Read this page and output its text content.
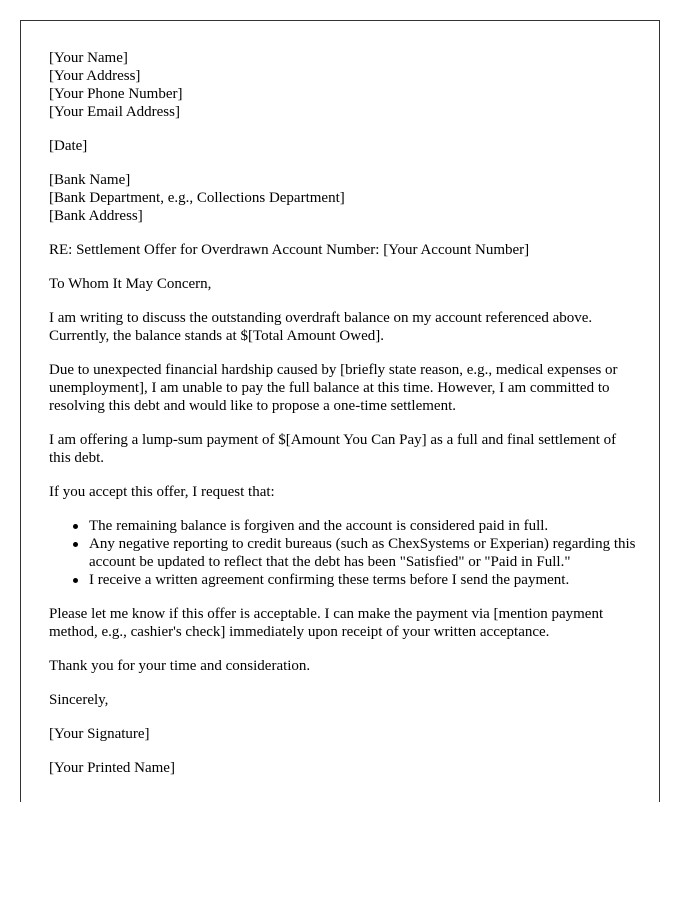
[Your Name]
[Your Address]
[Your Phone Number]
[Your Email Address]

[Date]

[Bank Name]
[Bank Department, e.g., Collections Department]
[Bank Address]

RE: Settlement Offer for Overdrawn Account Number: [Your Account Number]

To Whom It May Concern,

I am writing to discuss the outstanding overdraft balance on my account referenced above. Currently, the balance stands at $[Total Amount Owed].

Due to unexpected financial hardship caused by [briefly state reason, e.g., medical expenses or unemployment], I am unable to pay the full balance at this time. However, I am committed to resolving this debt and would like to propose a one-time settlement.

I am offering a lump-sum payment of $[Amount You Can Pay] as a full and final settlement of this debt.

If you accept this offer, I request that:

The remaining balance is forgiven and the account is considered paid in full.
Any negative reporting to credit bureaus (such as ChexSystems or Experian) regarding this account be updated to reflect that the debt has been "Satisfied" or "Paid in Full."
I receive a written agreement confirming these terms before I send the payment.

Please let me know if this offer is acceptable. I can make the payment via [mention payment method, e.g., cashier's check] immediately upon receipt of your written acceptance.

Thank you for your time and consideration.

Sincerely,

[Your Signature]

[Your Printed Name]
